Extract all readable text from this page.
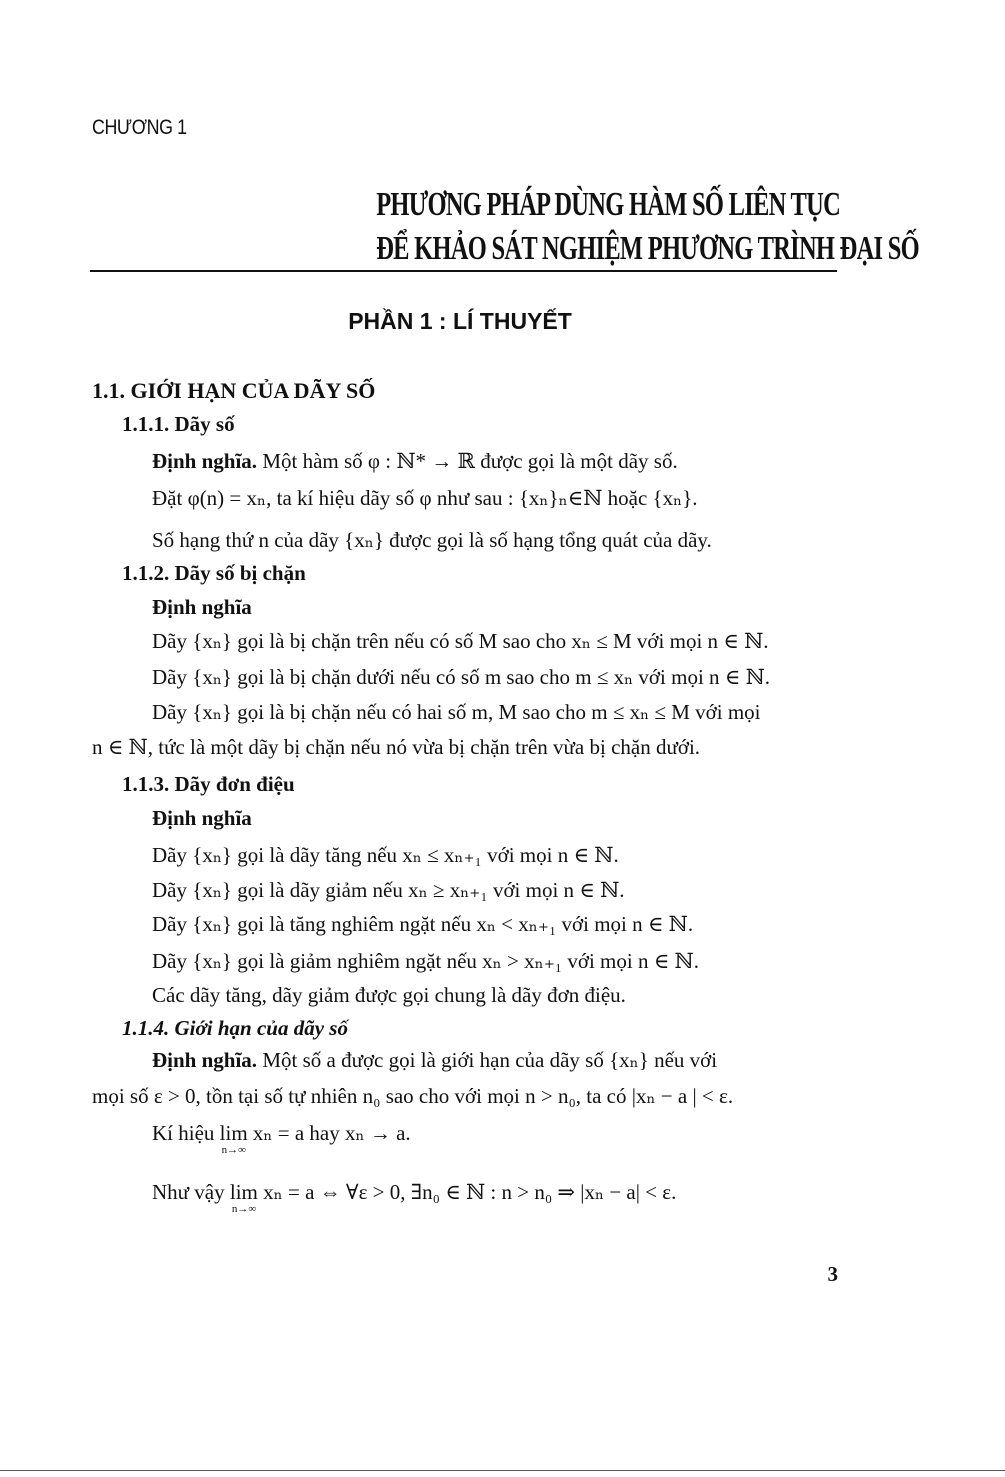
CHƯƠNG 1
PHƯƠNG PHÁP DÙNG HÀM SỐ LIÊN TỤC
ĐỂ KHẢO SÁT NGHIỆM PHƯƠNG TRÌNH ĐẠI SỐ
PHẦN 1 : LÍ THUYẾT
1.1. GIỚI HẠN CỦA DÃY SỐ
1.1.1. Dãy số
Định nghĩa. Một hàm số φ : ℕ* → ℝ được gọi là một dãy số.
Đặt φ(n) = xₙ, ta kí hiệu dãy số φ như sau : {xₙ}ₙ∈ℕ hoặc {xₙ}.
Số hạng thứ n của dãy {xₙ} được gọi là số hạng tổng quát của dãy.
1.1.2. Dãy số bị chặn
Định nghĩa
Dãy {xₙ} gọi là bị chặn trên nếu có số M sao cho xₙ ≤ M với mọi n ∈ ℕ.
Dãy {xₙ} gọi là bị chặn dưới nếu có số m sao cho m ≤ xₙ với mọi n ∈ ℕ.
Dãy {xₙ} gọi là bị chặn nếu có hai số m, M sao cho m ≤ xₙ ≤ M với mọi
n ∈ ℕ, tức là một dãy bị chặn nếu nó vừa bị chặn trên vừa bị chặn dưới.
1.1.3. Dãy đơn điệu
Định nghĩa
Dãy {xₙ} gọi là dãy tăng nếu xₙ ≤ xₙ₊₁ với mọi n ∈ ℕ.
Dãy {xₙ} gọi là dãy giảm nếu xₙ ≥ xₙ₊₁ với mọi n ∈ ℕ.
Dãy {xₙ} gọi là tăng nghiêm ngặt nếu xₙ < xₙ₊₁ với mọi n ∈ ℕ.
Dãy {xₙ} gọi là giảm nghiêm ngặt nếu xₙ > xₙ₊₁ với mọi n ∈ ℕ.
Các dãy tăng, dãy giảm được gọi chung là dãy đơn điệu.
1.1.4. Giới hạn của dãy số
Định nghĩa. Một số a được gọi là giới hạn của dãy số {xₙ} nếu với
mọi số ε > 0, tồn tại số tự nhiên n₀ sao cho với mọi n > n₀, ta có |xₙ − a | < ε.
Kí hiệu lim
n→∞
xₙ = a hay xₙ → a.
Như vậy lim
n→∞
xₙ = a ⇔ ∀ε > 0, ∃n₀ ∈ ℕ : n > n₀ ⇒ |xₙ − a| < ε.
3
